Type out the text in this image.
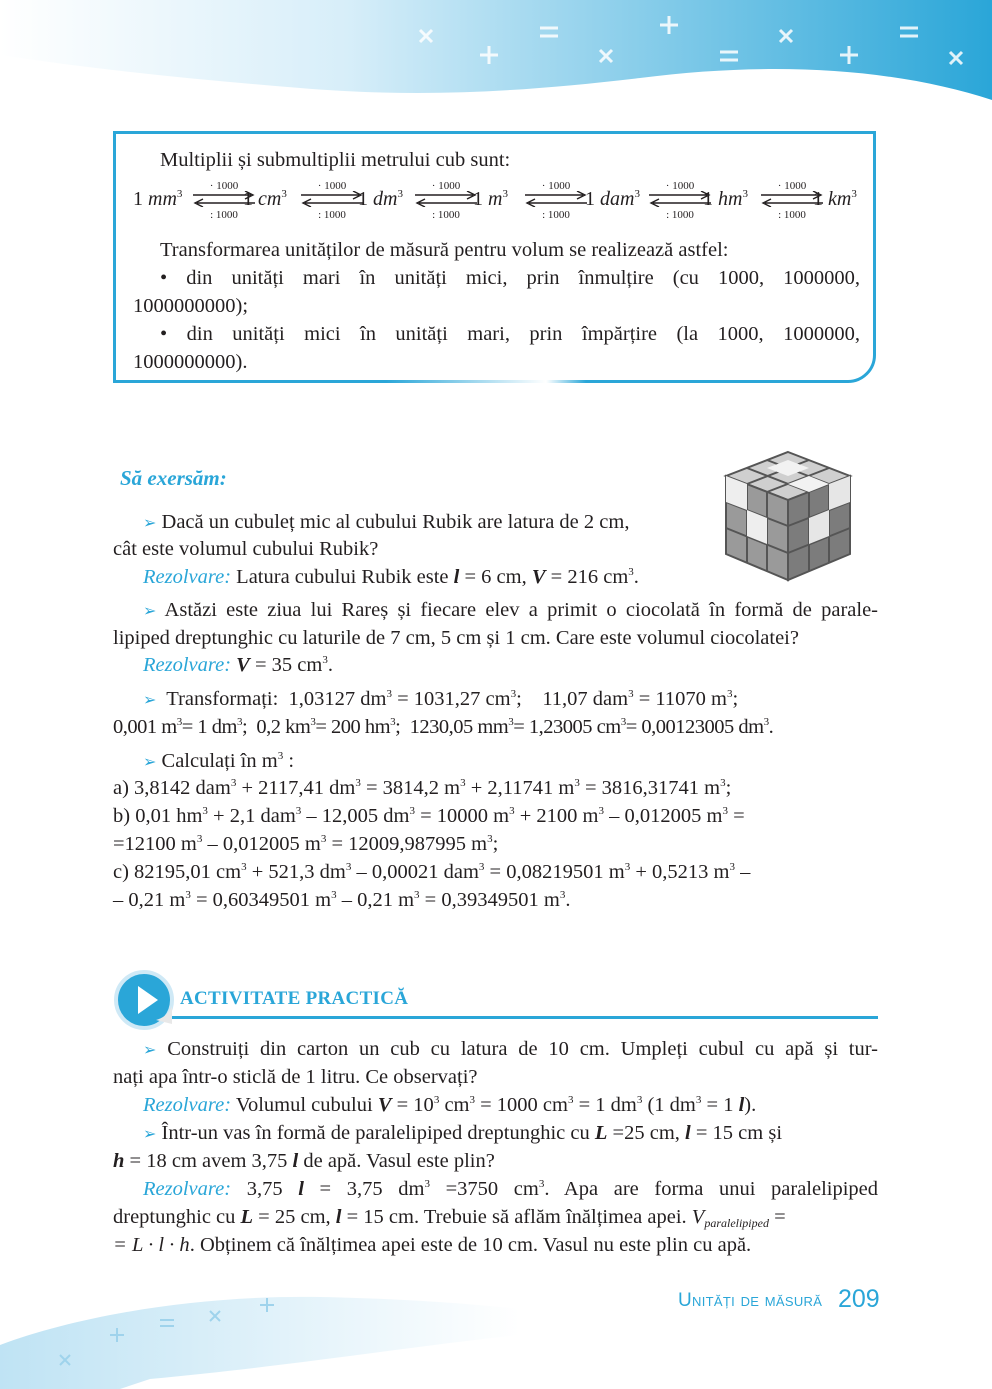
Multiplii și submultiplii metrului cub sunt:
1 $mm^3$
· 1000
: 1000
1 $cm^3$
· 1000
: 1000
1 $dm^3$
· 1000
: 1000
1 $m^3$
· 1000
: 1000
1 dam$^3$
· 1000
: 1000
1 $hm^3$
· 1000
: 1000
1 $km^3$
Transformarea unităților de măsură pentru volum se realizează astfel:
• din unități mari în unități mici, prin înmulțire (cu 1000, 1000000,
1000000000);
• din unități mici în unități mari, prin împărțire (la 1000, 1000000,
1000000000).
Să exersăm:
➢ Dacă un cubuleț mic al cubului Rubik are latura de 2 cm,
cât este volumul cubului Rubik?
Rezolvare: Latura cubului Rubik este l = 6 cm, V = 216 $cm^3$.
➢ Astăzi este ziua lui Rareș și fiecare elev a primit o ciocolată în formă de parale-
lipiped dreptunghic cu laturile de 7 cm, 5 cm și 1 cm. Care este volumul ciocolatei?
Rezolvare: V = 35 $cm^3$.
➢ Transformați: 1,03127 $dm^3 = 1031,27$ $cm^3$;    11,07 dam$^3$ = 11070 $m^3$;
0,001 $m^3= 1$ $dm^3$;  0,2 $km^3= 200$ $hm^3$;  1230,05 $mm^3= 1,23005$ $cm^3= 0,00123005$ $dm^3$.
➢ Calculați în $m^3$ :
a) 3,8142 dam$^3$ + 2117,41 $dm^3 = 3814,2$ $m^3 + 2,11741$ $m^3 = 3816,31741$ $m^3$;
b) 0,01 $hm^3 + 2,1$ dam$^3$ – 12,005 $dm^3 = 10000$ $m^3 + 2100$ $m^3 - 0,012005$ $m^3$ =
=12100 $m^3 - 0,012005$ $m^3 = 12009,987995$ $m^3$;
c) 82195,01 $cm^3 + 521,3$ $dm^3 - 0,00021$ dam$^3$ = 0,08219501 $m^3 + 0,5213$ $m^3$ –
– 0,21 $m^3 = 0,60349501$ $m^3 - 0,21$ $m^3 = 0,39349501$ $m^3$.
ACTIVITATE PRACTICĂ
➢ Construiți din carton un cub cu latura de 10 cm. Umpleți cubul cu apă și tur-
nați apa într-o sticlă de 1 litru. Ce observați?
Rezolvare: Volumul cubului $V = 10^3$ $cm^3 = 1000$ $cm^3 = 1$ $dm^3$ (1 $dm^3 = 1$ l).
➢ Într-un vas în formă de paralelipiped dreptunghic cu L =25 cm, l = 15 cm și
h = 18 cm avem 3,75 l de apă. Vasul este plin?
Rezolvare: 3,75 l = 3,75 $dm^3 =3750$ $cm^3$. Apa are forma unui paralelipiped
dreptunghic cu L = 25 cm, l = 15 cm. Trebuie să aflăm înălțimea apei. $V_{paralelipiped}$ =
= L · l · h. Obținem că înălțimea apei este de 10 cm. Vasul nu este plin cu apă.
Unități de măsură 209
